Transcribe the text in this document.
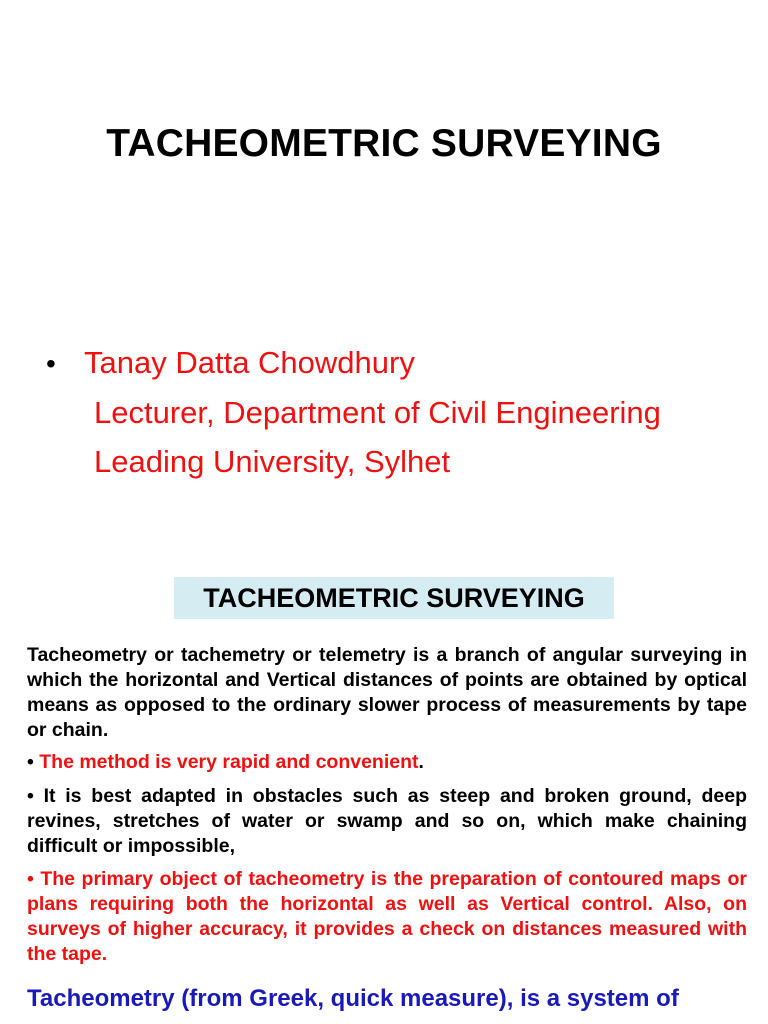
TACHEOMETRIC SURVEYING
• Tanay Datta Chowdhury
Lecturer, Department of Civil Engineering
Leading University, Sylhet
TACHEOMETRIC SURVEYING
Tacheometry or tachemetry or telemetry is a branch of angular surveying in which the horizontal and Vertical distances of points are obtained by optical means as opposed to the ordinary slower process of measurements by tape or chain.
• The method is very rapid and convenient.
• It is best adapted in obstacles such as steep and broken ground, deep revines, stretches of water or swamp and so on, which make chaining difficult or impossible,
• The primary object of tacheometry is the preparation of contoured maps or plans requiring both the horizontal as well as Vertical control. Also, on surveys of higher accuracy, it provides a check on distances measured with the tape.
Tacheometry (from Greek, quick measure), is a system of
